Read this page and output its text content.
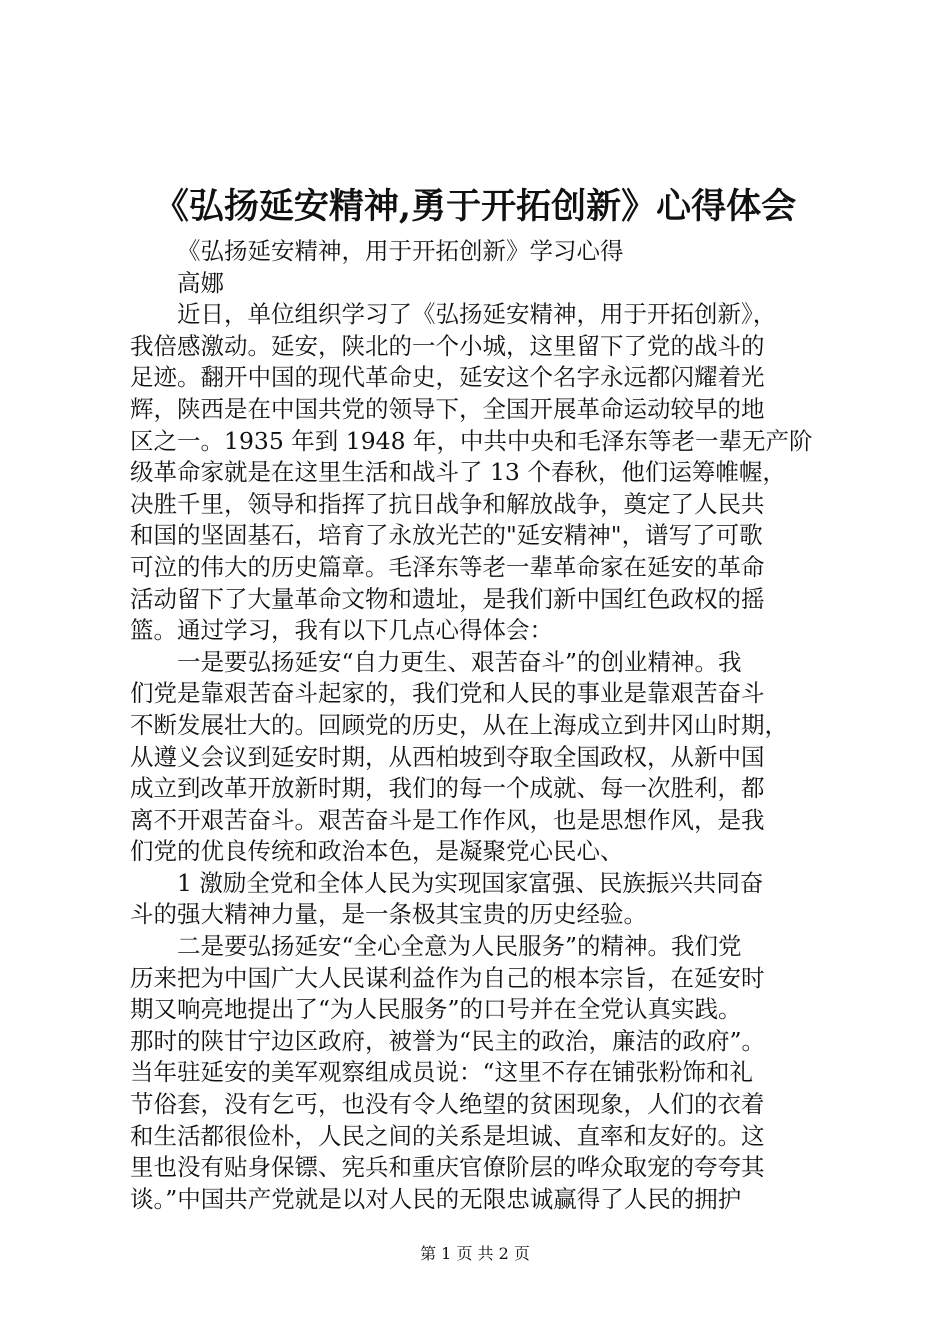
《弘扬延安精神,勇于开拓创新》心得体会
《弘扬延安精神，用于开拓创新》学习心得
高娜
近日，单位组织学习了《弘扬延安精神，用于开拓创新》，
我倍感激动。延安，陕北的一个小城，这里留下了党的战斗的
足迹。翻开中国的现代革命史，延安这个名字永远都闪耀着光
辉，陕西是在中国共党的领导下，全国开展革命运动较早的地
区之一。1935 年到 1948 年，中共中央和毛泽东等老一辈无产阶
级革命家就是在这里生活和战斗了 13 个春秋，他们运筹帷幄，
决胜千里，领导和指挥了抗日战争和解放战争，奠定了人民共
和国的坚固基石，培育了永放光芒的"延安精神"，谱写了可歌
可泣的伟大的历史篇章。毛泽东等老一辈革命家在延安的革命
活动留下了大量革命文物和遗址，是我们新中国红色政权的摇
篮。通过学习，我有以下几点心得体会：
一是要弘扬延安“自力更生、艰苦奋斗”的创业精神。我
们党是靠艰苦奋斗起家的，我们党和人民的事业是靠艰苦奋斗
不断发展壮大的。回顾党的历史，从在上海成立到井冈山时期，
从遵义会议到延安时期，从西柏坡到夺取全国政权，从新中国
成立到改革开放新时期，我们的每一个成就、每一次胜利，都
离不开艰苦奋斗。艰苦奋斗是工作作风，也是思想作风，是我
们党的优良传统和政治本色，是凝聚党心民心、
1 激励全党和全体人民为实现国家富强、民族振兴共同奋
斗的强大精神力量，是一条极其宝贵的历史经验。
二是要弘扬延安“全心全意为人民服务”的精神。我们党
历来把为中国广大人民谋利益作为自己的根本宗旨，在延安时
期又响亮地提出了“为人民服务”的口号并在全党认真实践。
那时的陕甘宁边区政府，被誉为“民主的政治，廉洁的政府”。
当年驻延安的美军观察组成员说：“这里不存在铺张粉饰和礼
节俗套，没有乞丐，也没有令人绝望的贫困现象，人们的衣着
和生活都很俭朴，人民之间的关系是坦诚、直率和友好的。这
里也没有贴身保镖、宪兵和重庆官僚阶层的哗众取宠的夸夸其
谈。”中国共产党就是以对人民的无限忠诚赢得了人民的拥护
第 1 页 共 2 页
